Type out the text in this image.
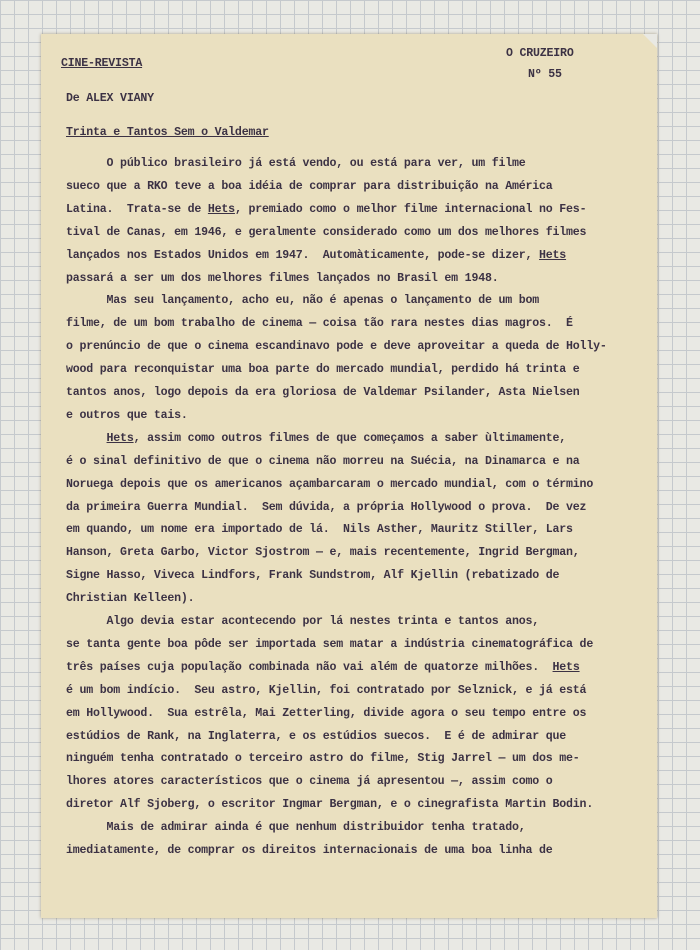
CINE-REVISTA
O CRUZEIRO
Nº 55
De ALEX VIANY
Trinta e Tantos Sem o Valdemar
O público brasileiro já está vendo, ou está para ver, um filme
sueco que a RKO teve a boa idéia de comprar para distribuição na América
Latina.  Trata-se de Hets, premiado como o melhor filme internacional no Fes-
tival de Canas, em 1946, e geralmente considerado como um dos melhores filmes
lançados nos Estados Unidos em 1947.  Automàticamente, pode-se dizer, Hets
passará a ser um dos melhores filmes lançados no Brasil em 1948.
Mas seu lançamento, acho eu, não é apenas o lançamento de um bom
filme, de um bom trabalho de cinema — coisa tão rara nestes dias magros.  É
o prenúncio de que o cinema escandinavo pode e deve aproveitar a queda de Holly-
wood para reconquistar uma boa parte do mercado mundial, perdido há trinta e
tantos anos, logo depois da era gloriosa de Valdemar Psilander, Asta Nielsen
e outros que tais.
Hets, assim como outros filmes de que começamos a saber ùltimamente,
é o sinal definitivo de que o cinema não morreu na Suécia, na Dinamarca e na
Noruega depois que os americanos açambarcaram o mercado mundial, com o término
da primeira Guerra Mundial.  Sem dúvida, a própria Hollywood o prova.  De vez
em quando, um nome era importado de lá.  Nils Asther, Mauritz Stiller, Lars
Hanson, Greta Garbo, Victor Sjostrom — e, mais recentemente, Ingrid Bergman,
Signe Hasso, Viveca Lindfors, Frank Sundstrom, Alf Kjellin (rebatizado de
Christian Kelleen).
Algo devia estar acontecendo por lá nestes trinta e tantos anos,
se tanta gente boa pôde ser importada sem matar a indústria cinematográfica de
três países cuja população combinada não vai além de quatorze milhões.  Hets
é um bom indício.  Seu astro, Kjellin, foi contratado por Selznick, e já está
em Hollywood.  Sua estrêla, Mai Zetterling, divide agora o seu tempo entre os
estúdios de Rank, na Inglaterra, e os estúdios suecos.  E é de admirar que
ninguém tenha contratado o terceiro astro do filme, Stig Jarrel — um dos me-
lhores atores característicos que o cinema já apresentou —, assim como o
diretor Alf Sjoberg, o escritor Ingmar Bergman, e o cinegrafista Martin Bodin.
Mais de admirar ainda é que nenhum distribuidor tenha tratado,
imediatamente, de comprar os direitos internacionais de uma boa linha de
